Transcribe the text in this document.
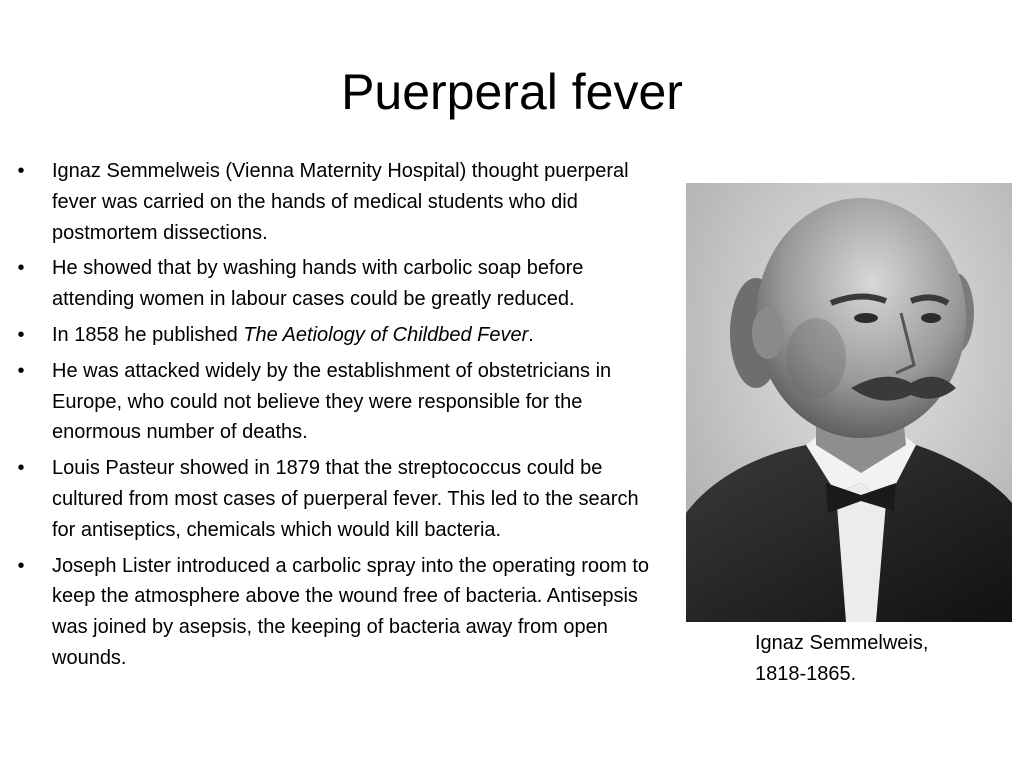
Puerperal fever
• Ignaz Semmelweis (Vienna Maternity Hospital) thought puerperal fever was carried on the hands of medical students who did postmortem dissections.
• He showed that by washing hands with carbolic soap before attending women in labour cases could be greatly reduced.
• In 1858 he published The Aetiology of Childbed Fever.
• He was attacked widely by the establishment of obstetricians in Europe, who could not believe they were responsible for the enormous number of deaths.
• Louis Pasteur showed in 1879 that the streptococcus could be cultured from most cases of puerperal fever. This led to the search for antiseptics, chemicals which would kill bacteria.
• Joseph Lister introduced a carbolic spray into the operating room to keep the atmosphere above the wound free of bacteria. Antisepsis was joined by asepsis, the keeping of bacteria away from open wounds.
Ignaz Semmelweis,
1818-1865.
